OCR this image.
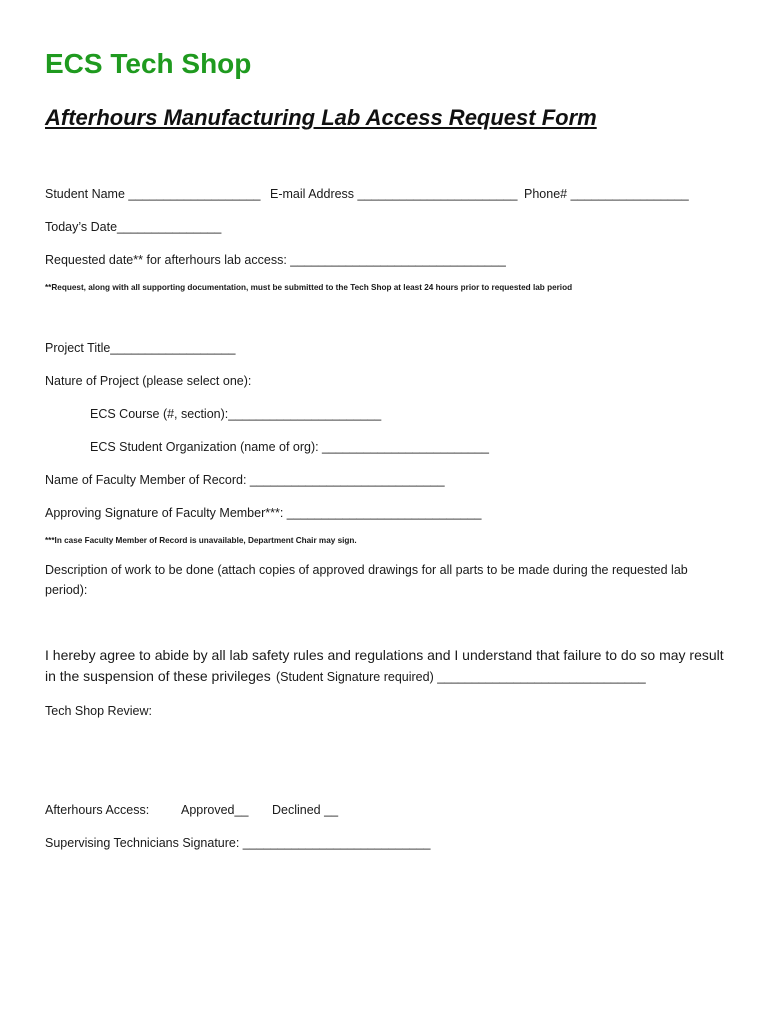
ECS Tech Shop
Afterhours Manufacturing Lab Access Request Form
Student Name ___________________ E-mail Address _______________________ Phone# _________________
Today’s Date_______________
Requested date** for afterhours lab access: _______________________________
**Request, along with all supporting documentation, must be submitted to the Tech Shop at least 24 hours prior to requested lab period
Project Title__________________
Nature of Project (please select one):
ECS Course (#, section):______________________
ECS Student Organization (name of org): ________________________
Name of Faculty Member of Record: ____________________________
Approving Signature of Faculty Member***: ____________________________
***In case Faculty Member of Record is unavailable, Department Chair may sign.
Description of work to be done (attach copies of approved drawings for all parts to be made during the requested lab period):
I hereby agree to abide by all lab safety rules and regulations and I understand that failure to do so may result
in the suspension of these privileges (Student Signature required) ______________________________
Tech Shop Review:
Afterhours Access:	Approved__ Declined __
Supervising Technicians Signature: ___________________________
